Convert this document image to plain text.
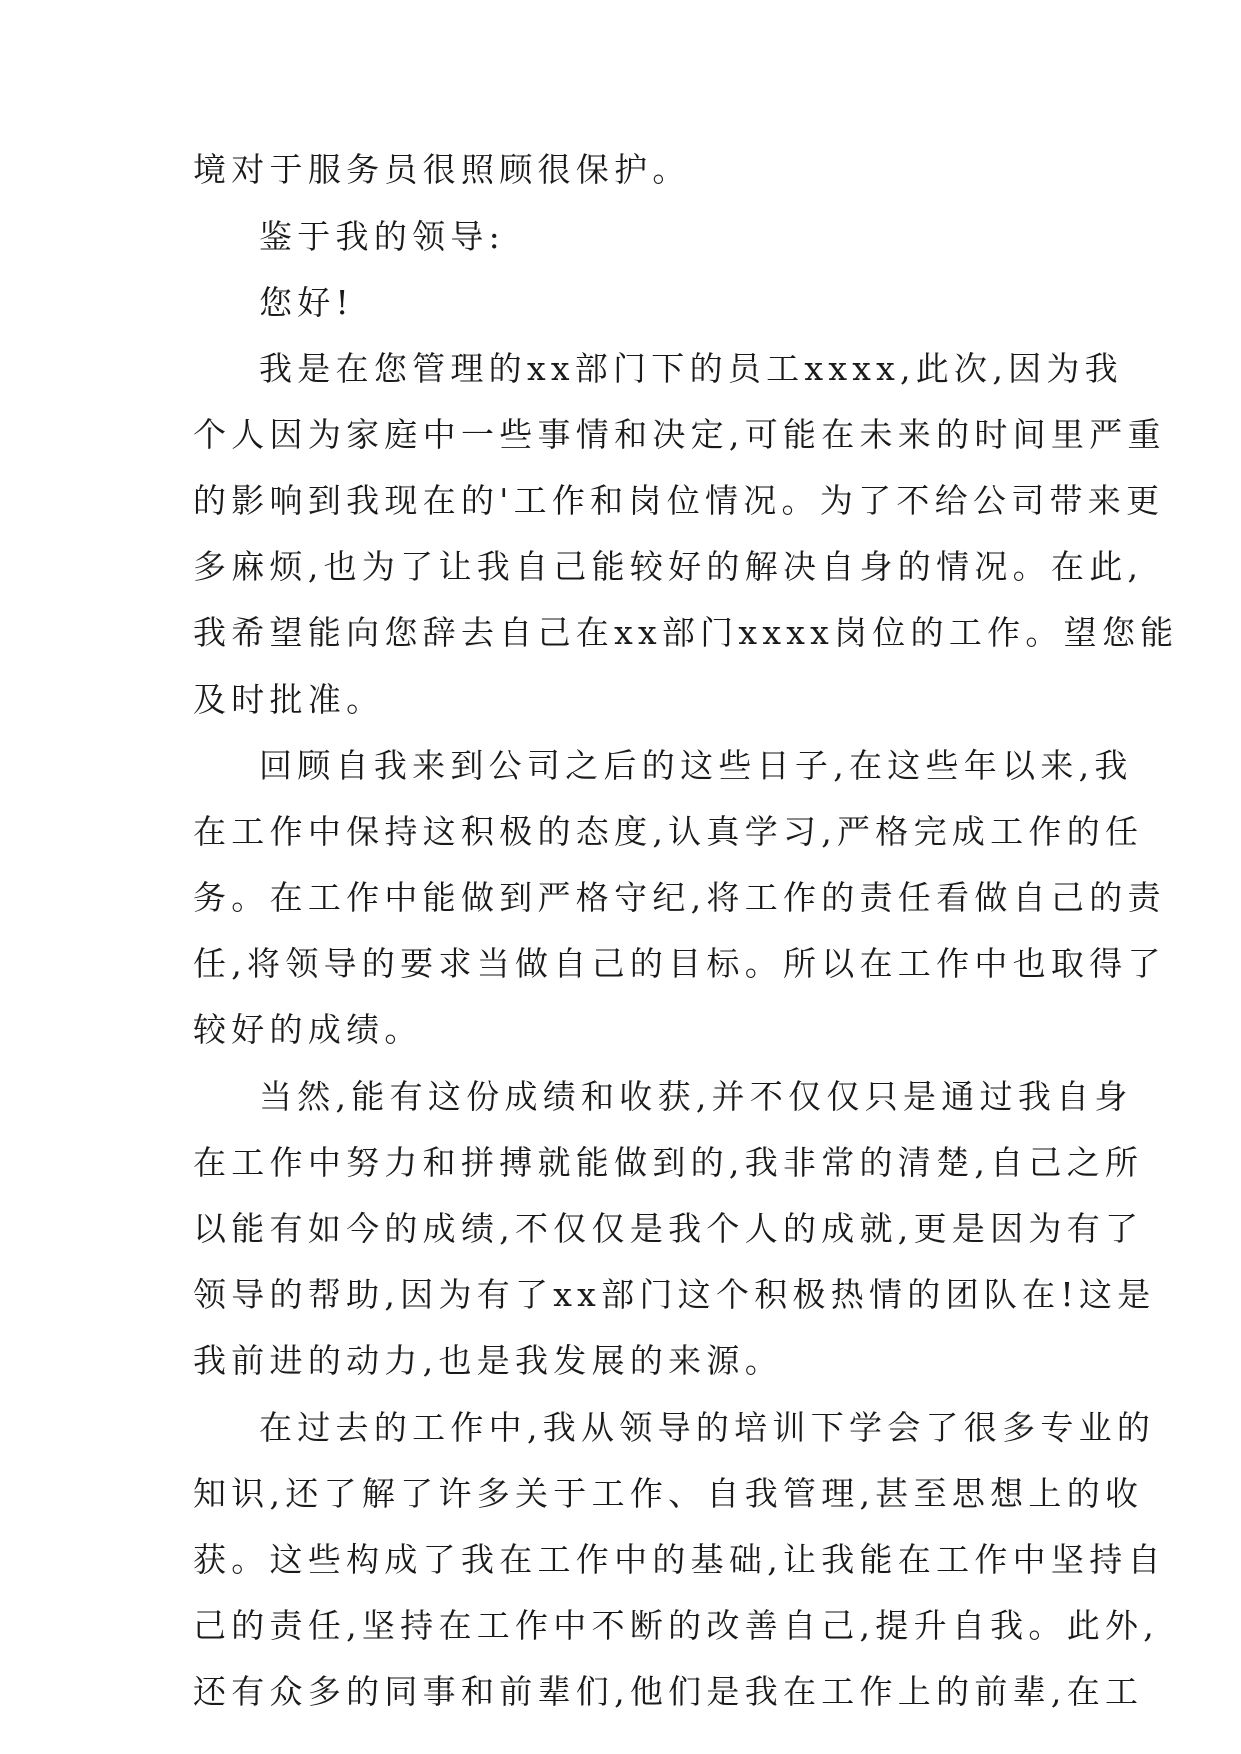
境对于服务员很照顾很保护。
鉴于我的领导:
您好!
我是在您管理的xx部门下的员工xxxx,此次,因为我
个人因为家庭中一些事情和决定,可能在未来的时间里严重
的影响到我现在的'工作和岗位情况。为了不给公司带来更
多麻烦,也为了让我自己能较好的解决自身的情况。在此,
我希望能向您辞去自己在xx部门xxxx岗位的工作。望您能
及时批准。
回顾自我来到公司之后的这些日子,在这些年以来,我
在工作中保持这积极的态度,认真学习,严格完成工作的任
务。在工作中能做到严格守纪,将工作的责任看做自己的责
任,将领导的要求当做自己的目标。所以在工作中也取得了
较好的成绩。
当然,能有这份成绩和收获,并不仅仅只是通过我自身
在工作中努力和拼搏就能做到的,我非常的清楚,自己之所
以能有如今的成绩,不仅仅是我个人的成就,更是因为有了
领导的帮助,因为有了xx部门这个积极热情的团队在!这是
我前进的动力,也是我发展的来源。
在过去的工作中,我从领导的培训下学会了很多专业的
知识,还了解了许多关于工作、自我管理,甚至思想上的收
获。这些构成了我在工作中的基础,让我能在工作中坚持自
己的责任,坚持在工作中不断的改善自己,提升自我。此外,
还有众多的同事和前辈们,他们是我在工作上的前辈,在工
